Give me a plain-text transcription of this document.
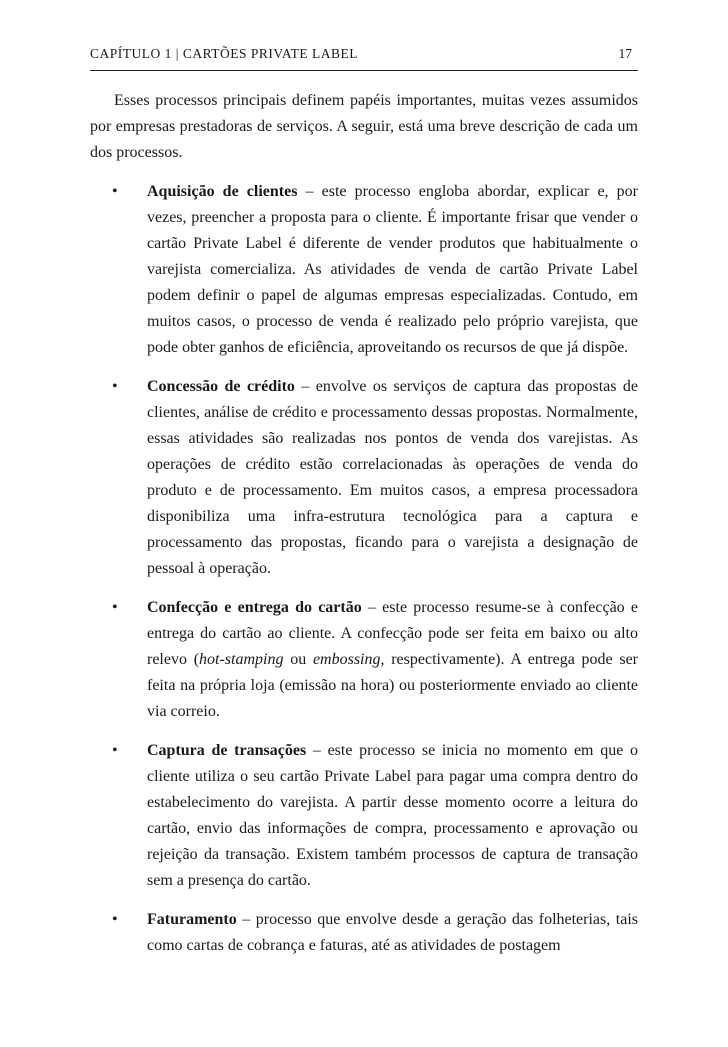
CAPÍTULO 1 | CARTÕES PRIVATE LABEL	17

Esses processos principais definem papéis importantes, muitas vezes assumidos por empresas prestadoras de serviços. A seguir, está uma breve descrição de cada um dos processos.

• Aquisição de clientes – este processo engloba abordar, explicar e, por vezes, preencher a proposta para o cliente. É importante frisar que vender o cartão Private Label é diferente de vender produtos que habitualmente o varejista comercializa. As atividades de venda de cartão Private Label podem definir o papel de algumas empresas especializadas. Contudo, em muitos casos, o processo de venda é realizado pelo próprio varejista, que pode obter ganhos de eficiência, aproveitando os recursos de que já dispõe.
• Concessão de crédito – envolve os serviços de captura das propostas de clientes, análise de crédito e processamento dessas propostas. Normalmente, essas atividades são realizadas nos pontos de venda dos varejistas. As operações de crédito estão correlacionadas às operações de venda do produto e de processamento. Em muitos casos, a empresa processadora disponibiliza uma infra-estrutura tecnológica para a captura e processamento das propostas, ficando para o varejista a designação de pessoal à operação.
• Confecção e entrega do cartão – este processo resume-se à confecção e entrega do cartão ao cliente. A confecção pode ser feita em baixo ou alto relevo (hot-stamping ou embossing, respectivamente). A entrega pode ser feita na própria loja (emissão na hora) ou posteriormente enviado ao cliente via correio.
• Captura de transações – este processo se inicia no momento em que o cliente utiliza o seu cartão Private Label para pagar uma compra dentro do estabelecimento do varejista. A partir desse momento ocorre a leitura do cartão, envio das informações de compra, processamento e aprovação ou rejeição da transação. Existem também processos de captura de transação sem a presença do cartão.
• Faturamento – processo que envolve desde a geração das folheterias, tais como cartas de cobrança e faturas, até as atividades de postagem
